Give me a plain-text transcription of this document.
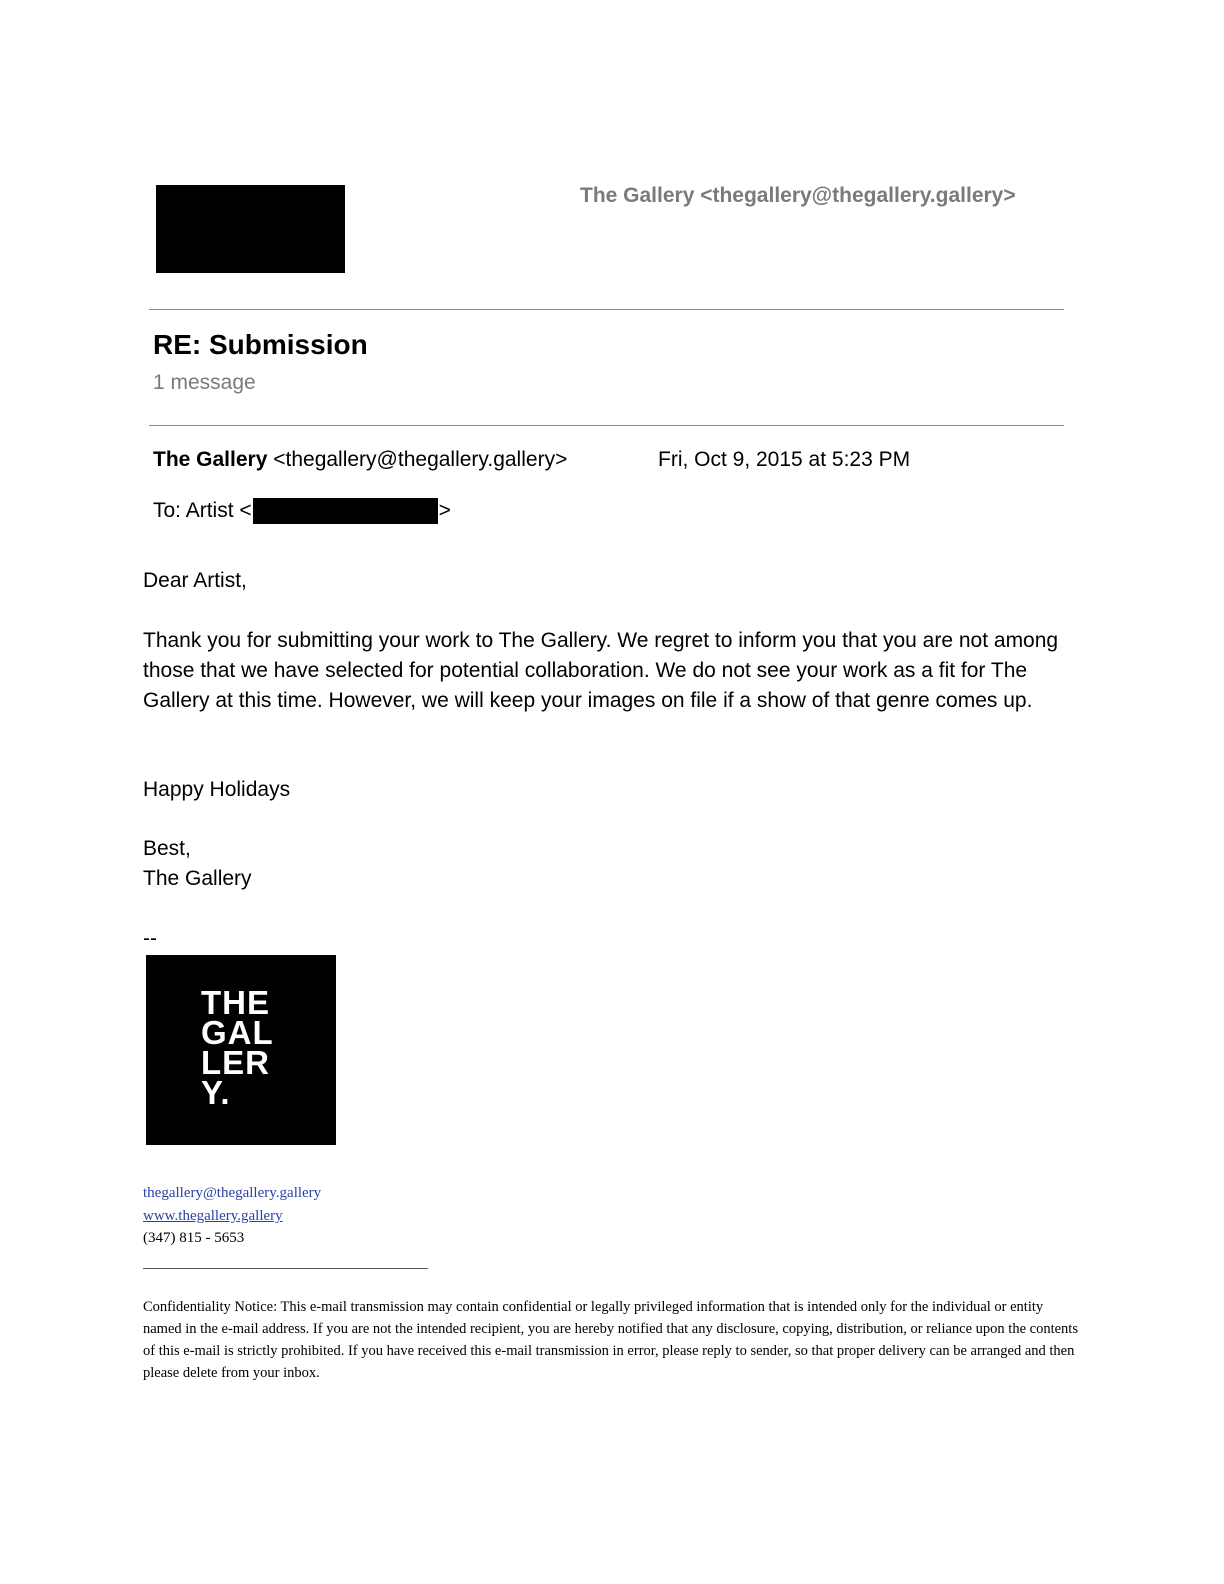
The Gallery <thegallery@thegallery.gallery>
RE: Submission
1 message
The Gallery <thegallery@thegallery.gallery>	Fri, Oct 9, 2015 at 5:23 PM
To: Artist <	>
Dear Artist,
Thank you for submitting your work to The Gallery. We regret to inform you that you are not among those that we have selected for potential collaboration. We do not see your work as a fit for The Gallery at this time. However, we will keep your images on file if a show of that genre comes up.
Happy Holidays
Best,
The Gallery
--
THE
GAL
LER
Y.
thegallery@thegallery.gallery
www.thegallery.gallery
(347) 815 - 5653
Confidentiality Notice: This e-mail transmission may contain confidential or legally privileged information that is intended only for the individual or entity named in the e-mail address. If you are not the intended recipient, you are hereby notified that any disclosure, copying, distribution, or reliance upon the contents of this e-mail is strictly prohibited. If you have received this e-mail transmission in error, please reply to sender, so that proper delivery can be arranged and then please delete from your inbox.
